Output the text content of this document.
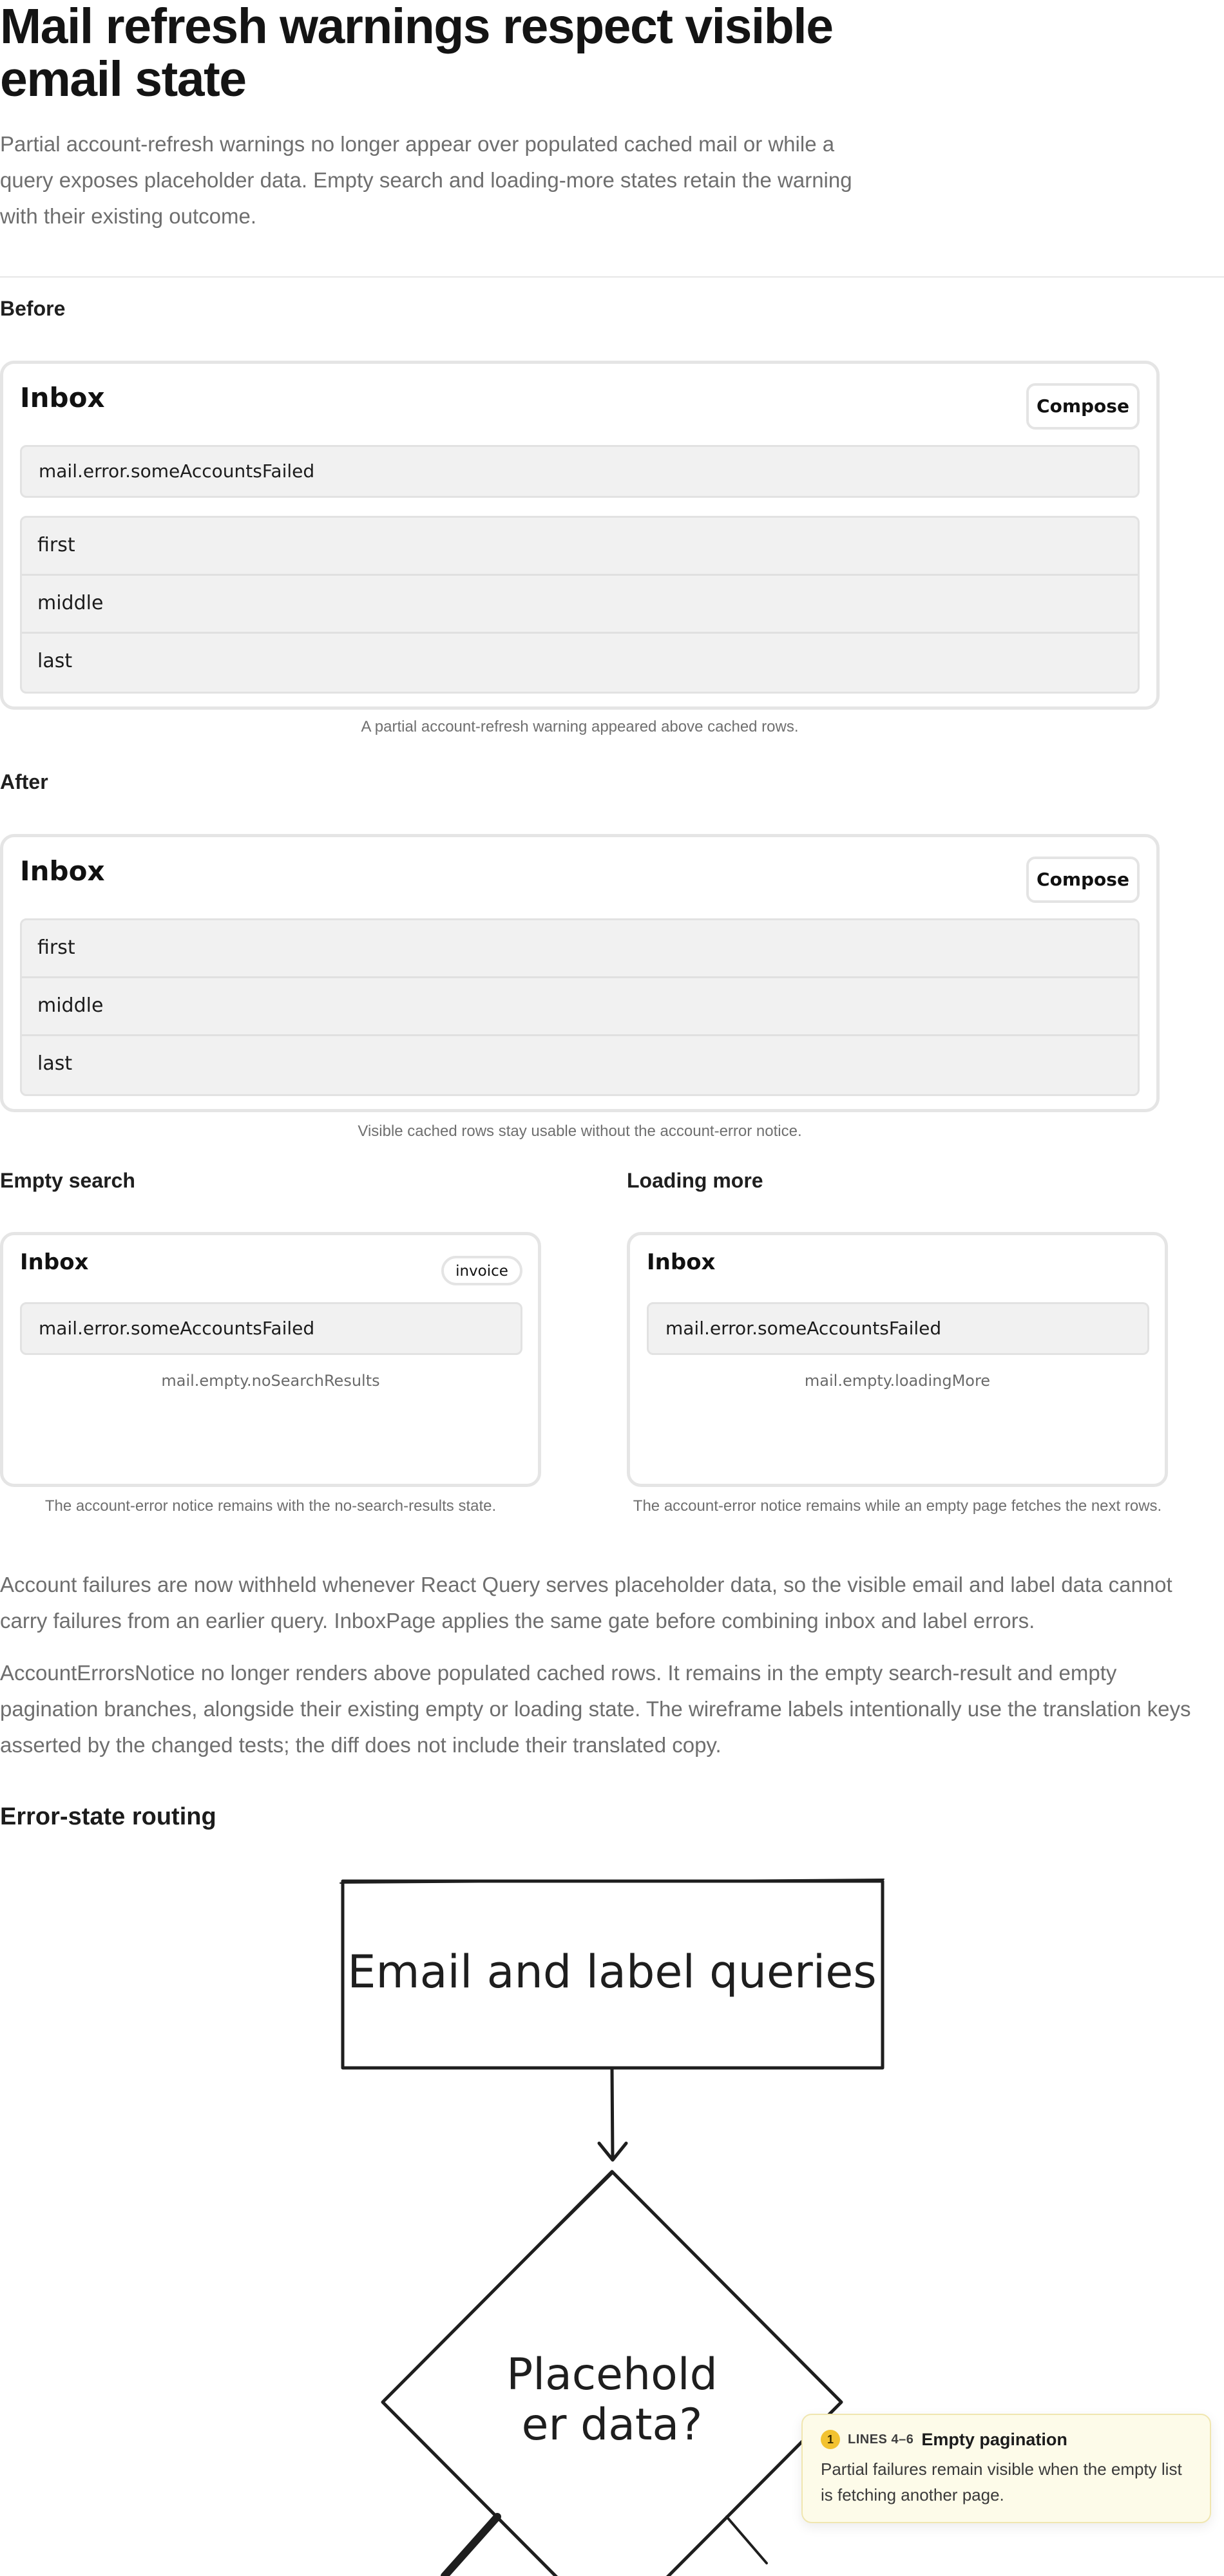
Mail refresh warnings respect visible email state

Partial account-refresh warnings no longer appear over populated cached mail or while a query exposes placeholder data. Empty search and loading-more states retain the warning with their existing outcome.

Before

Inbox	Compose
mail.error.someAccountsFailed
first
middle
last

A partial account-refresh warning appeared above cached rows.

After

Inbox	Compose
first
middle
last

Visible cached rows stay usable without the account-error notice.

Empty search

Inbox	invoice
mail.error.someAccountsFailed

mail.empty.noSearchResults

The account-error notice remains with the no-search-results state.

Loading more

Inbox

mail.error.someAccountsFailed

mail.empty.loadingMore

The account-error notice remains while an empty page fetches the next rows.

Account failures are now withheld whenever React Query serves placeholder data, so the visible email and label data cannot carry failures from an earlier query. InboxPage applies the same gate before combining inbox and label errors.

AccountErrorsNotice no longer renders above populated cached rows. It remains in the empty search-result and empty pagination branches, alongside their existing empty or loading state. The wireframe labels intentionally use the translation keys asserted by the changed tests; the diff does not include their translated copy.

Error-state routing

Email and label queries
Placehold
er data?	1	LINES 4–6 Empty pagination

Partial failures remain visible when the empty list is fetching another page.
